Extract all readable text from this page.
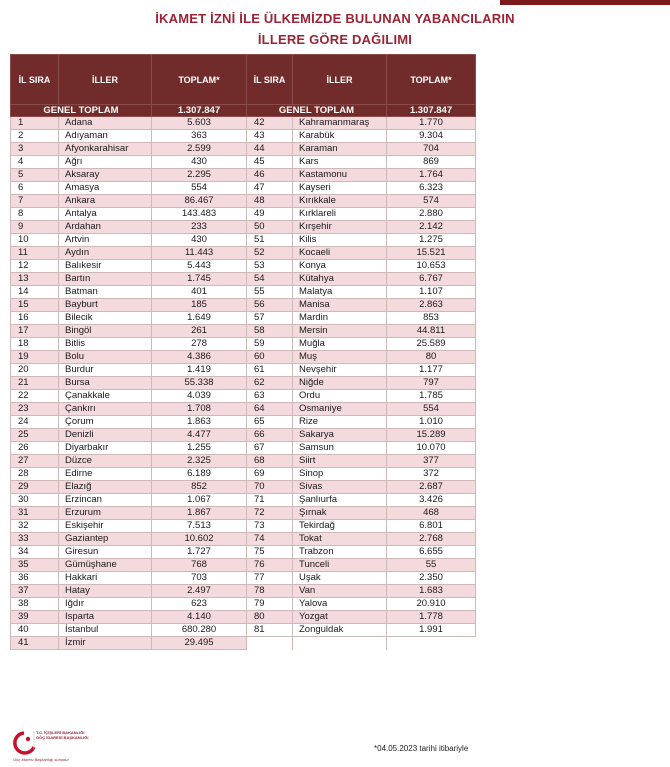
İKAMET İZNİ İLE ÜLKEMİZDE BULUNAN YABANCILARIN
İLLERE GÖRE DAĞILIMI
İL SIRA	İLLER	TOPLAM*	İL SIRA	İLLER	TOPLAM*
GENEL TOPLAM		1.307.847	GENEL TOPLAM		1.307.847
1	Adana	5.603	42	Kahramanmaraş	1.770
2	Adıyaman	363	43	Karabük	9.304
3	Afyonkarahisar	2.599	44	Karaman	704
4	Ağrı	430	45	Kars	869
5	Aksaray	2.295	46	Kastamonu	1.764
6	Amasya	554	47	Kayseri	6.323
7	Ankara	86.467	48	Kırıkkale	574
8	Antalya	143.483	49	Kırklareli	2.880
9	Ardahan	233	50	Kırşehir	2.142
10	Artvin	430	51	Kilis	1.275
11	Aydın	11.443	52	Kocaeli	15.521
12	Balıkesir	5.443	53	Konya	10.653
13	Bartın	1.745	54	Kütahya	6.767
14	Batman	401	55	Malatya	1.107
15	Bayburt	185	56	Manisa	2.863
16	Bilecik	1.649	57	Mardin	853
17	Bingöl	261	58	Mersin	44.811
18	Bitlis	278	59	Muğla	25.589
19	Bolu	4.386	60	Muş	80
20	Burdur	1.419	61	Nevşehir	1.177
21	Bursa	55.338	62	Niğde	797
22	Çanakkale	4.039	63	Ordu	1.785
23	Çankırı	1.708	64	Osmaniye	554
24	Çorum	1.863	65	Rize	1.010
25	Denizli	4.477	66	Sakarya	15.289
26	Diyarbakır	1.255	67	Samsun	10.070
27	Düzce	2.325	68	Siirt	377
28	Edirne	6.189	69	Sinop	372
29	Elazığ	852	70	Sivas	2.687
30	Erzincan	1.067	71	Şanlıurfa	3.426
31	Erzurum	1.867	72	Şırnak	468
32	Eskişehir	7.513	73	Tekirdağ	6.801
33	Gaziantep	10.602	74	Tokat	2.768
34	Giresun	1.727	75	Trabzon	6.655
35	Gümüşhane	768	76	Tunceli	55
36	Hakkari	703	77	Uşak	2.350
37	Hatay	2.497	78	Van	1.683
38	Iğdır	623	79	Yalova	20.910
39	Isparta	4.140	80	Yozgat	1.778
40	İstanbul	680.280	81	Zonguldak	1.991
41	İzmir	29.495			
T.C. İÇİŞLERİ BAKANLIĞI
GÖÇ İDARESİ BAŞKANLIĞI
Göç İdaresi Başkanlığı sunudur
*04.05.2023 tarihi itibariyle
